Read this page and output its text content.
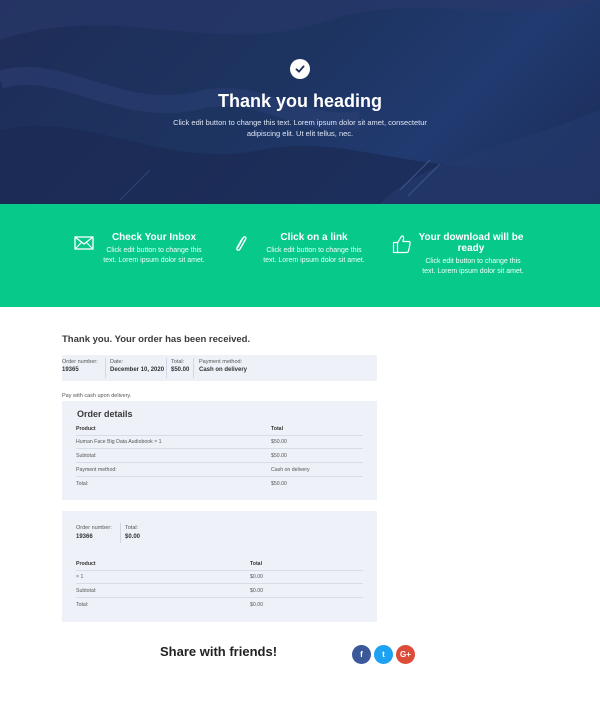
Thank you heading
Click edit button to change this text. Lorem ipsum dolor sit amet, consectetur adipiscing elit. Ut elit tellus, nec.
Check Your Inbox
Click edit button to change this text. Lorem ipsum dolor sit amet.
Click on a link
Click edit button to change this text. Lorem ipsum dolor sit amet.
Your download will be ready
Click edit button to change this text. Lorem ipsum dolor sit amet.
Thank you. Your order has been received.
Order number:
19365
Date:
December 10, 2020
Total:
$50.00
Payment method:
Cash on delivery
Pay with cash upon delivery.
Order details
Product	Total
Human Face Big Data Audiobook × 1	$50.00
Subtotal:	$50.00
Payment method:	Cash on delivery
Total:	$50.00
Order number:
19366
Total:
$0.00
Product	Total
× 1	$0.00
Subtotal:	$0.00
Total:	$0.00
Share with friends!	f t G+
